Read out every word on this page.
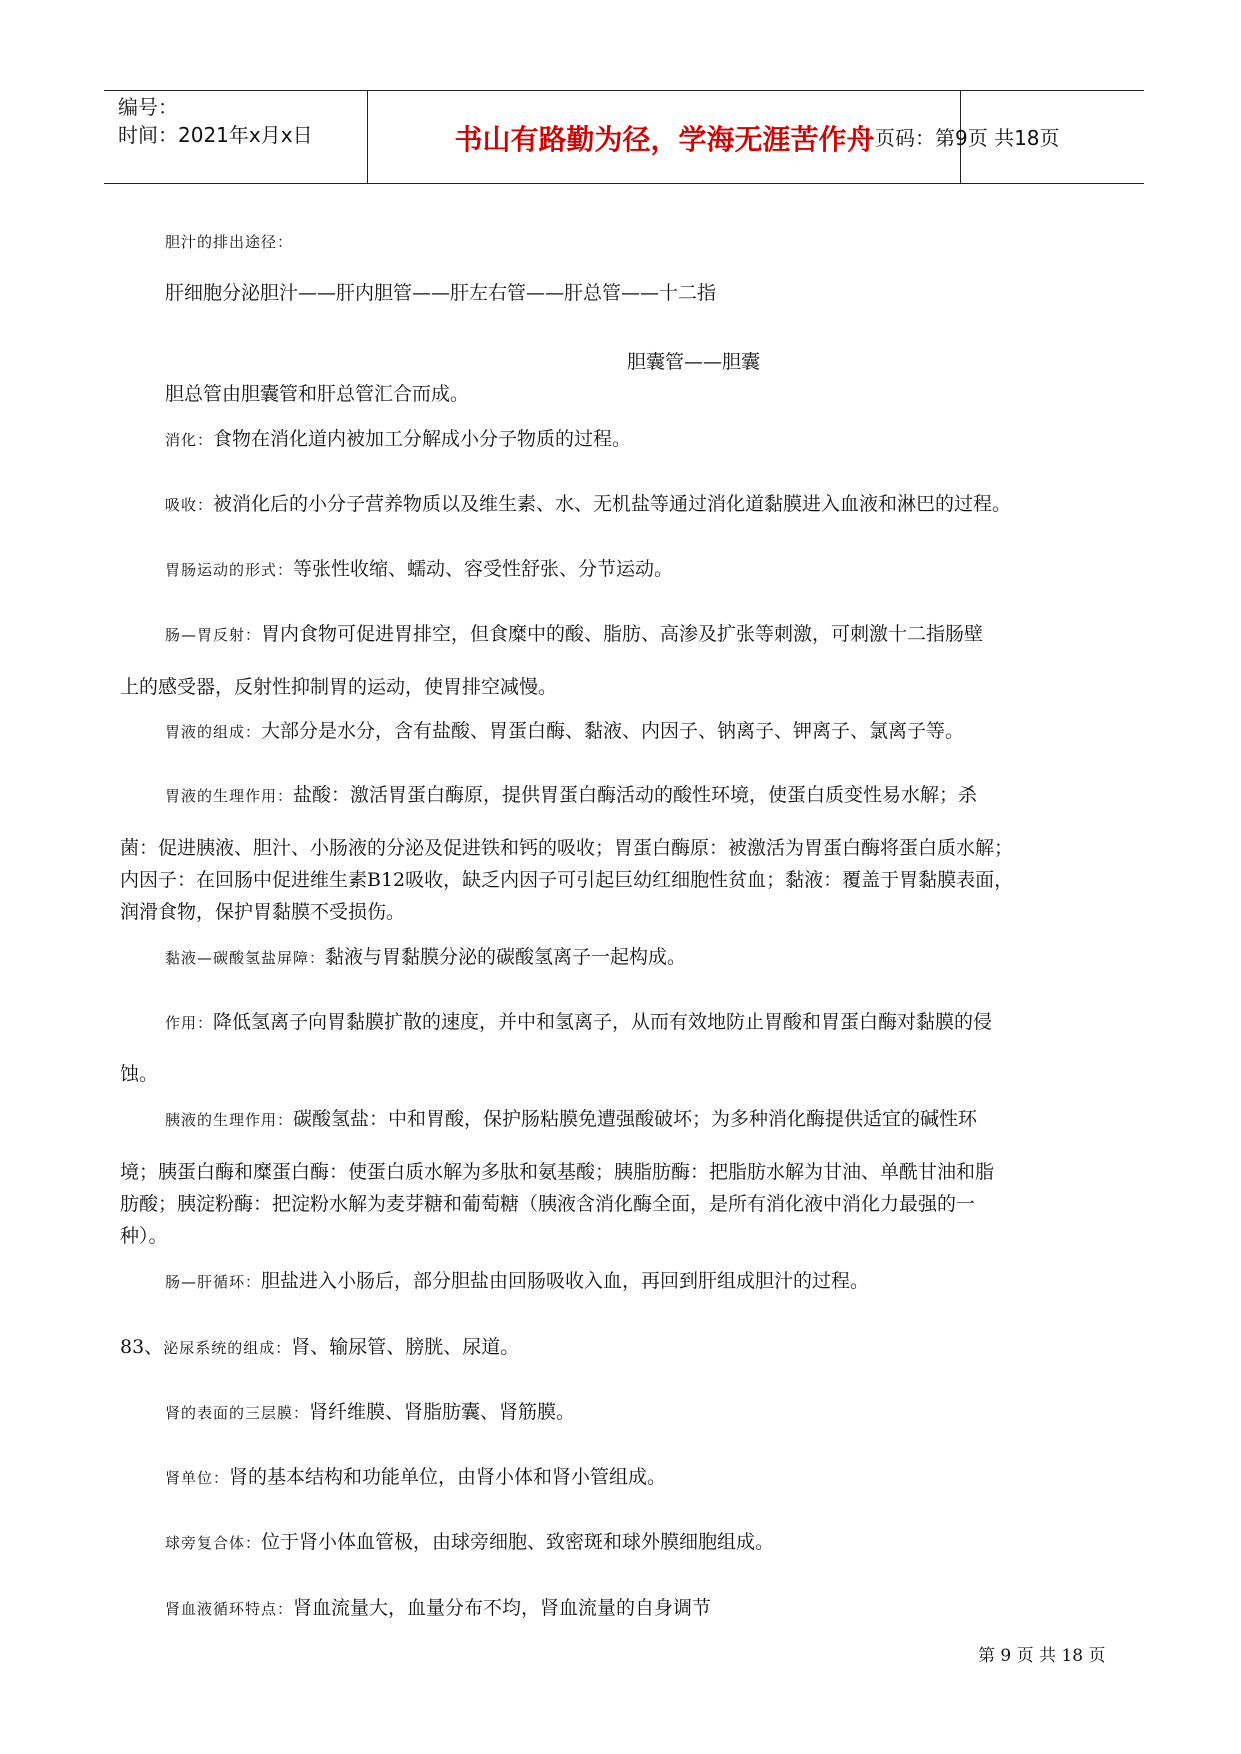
编号：
时间：2021年x月x日	书山有路勤为径，学海无涯苦作舟 页码：第9页 共18页
胆汁的排出途径：
肝细胞分泌胆汁——肝内胆管——肝左右管——肝总管——十二指
胆囊管——胆囊
胆总管由胆囊管和肝总管汇合而成。
消化：食物在消化道内被加工分解成小分子物质的过程。
吸收：被消化后的小分子营养物质以及维生素、水、无机盐等通过消化道黏膜进入血液和淋巴的过程。
胃肠运动的形式：等张性收缩、蠕动、容受性舒张、分节运动。
肠—胃反射：胃内食物可促进胃排空，但食糜中的酸、脂肪、高渗及扩张等刺激，可刺激十二指肠壁
上的感受器，反射性抑制胃的运动，使胃排空减慢。
胃液的组成：大部分是水分，含有盐酸、胃蛋白酶、黏液、内因子、钠离子、钾离子、氯离子等。
胃液的生理作用：盐酸：激活胃蛋白酶原，提供胃蛋白酶活动的酸性环境，使蛋白质变性易水解；杀
菌：促进胰液、胆汁、小肠液的分泌及促进铁和钙的吸收；胃蛋白酶原：被激活为胃蛋白酶将蛋白质水解；
内因子：在回肠中促进维生素B12吸收，缺乏内因子可引起巨幼红细胞性贫血；黏液：覆盖于胃黏膜表面，
润滑食物，保护胃黏膜不受损伤。
黏液—碳酸氢盐屏障：黏液与胃黏膜分泌的碳酸氢离子一起构成。
作用：降低氢离子向胃黏膜扩散的速度，并中和氢离子，从而有效地防止胃酸和胃蛋白酶对黏膜的侵
蚀。
胰液的生理作用：碳酸氢盐：中和胃酸，保护肠粘膜免遭强酸破坏；为多种消化酶提供适宜的碱性环
境；胰蛋白酶和糜蛋白酶：使蛋白质水解为多肽和氨基酸；胰脂肪酶：把脂肪水解为甘油、单酰甘油和脂
肪酸；胰淀粉酶：把淀粉水解为麦芽糖和葡萄糖（胰液含消化酶全面，是所有消化液中消化力最强的一
种）。
肠—肝循环：胆盐进入小肠后，部分胆盐由回肠吸收入血，再回到肝组成胆汁的过程。
83、泌尿系统的组成：肾、输尿管、膀胱、尿道。
肾的表面的三层膜：肾纤维膜、肾脂肪囊、肾筋膜。
肾单位：肾的基本结构和功能单位，由肾小体和肾小管组成。
球旁复合体：位于肾小体血管极，由球旁细胞、致密斑和球外膜细胞组成。
肾血液循环特点：肾血流量大，血量分布不均，肾血流量的自身调节
第 9 页 共 18 页
